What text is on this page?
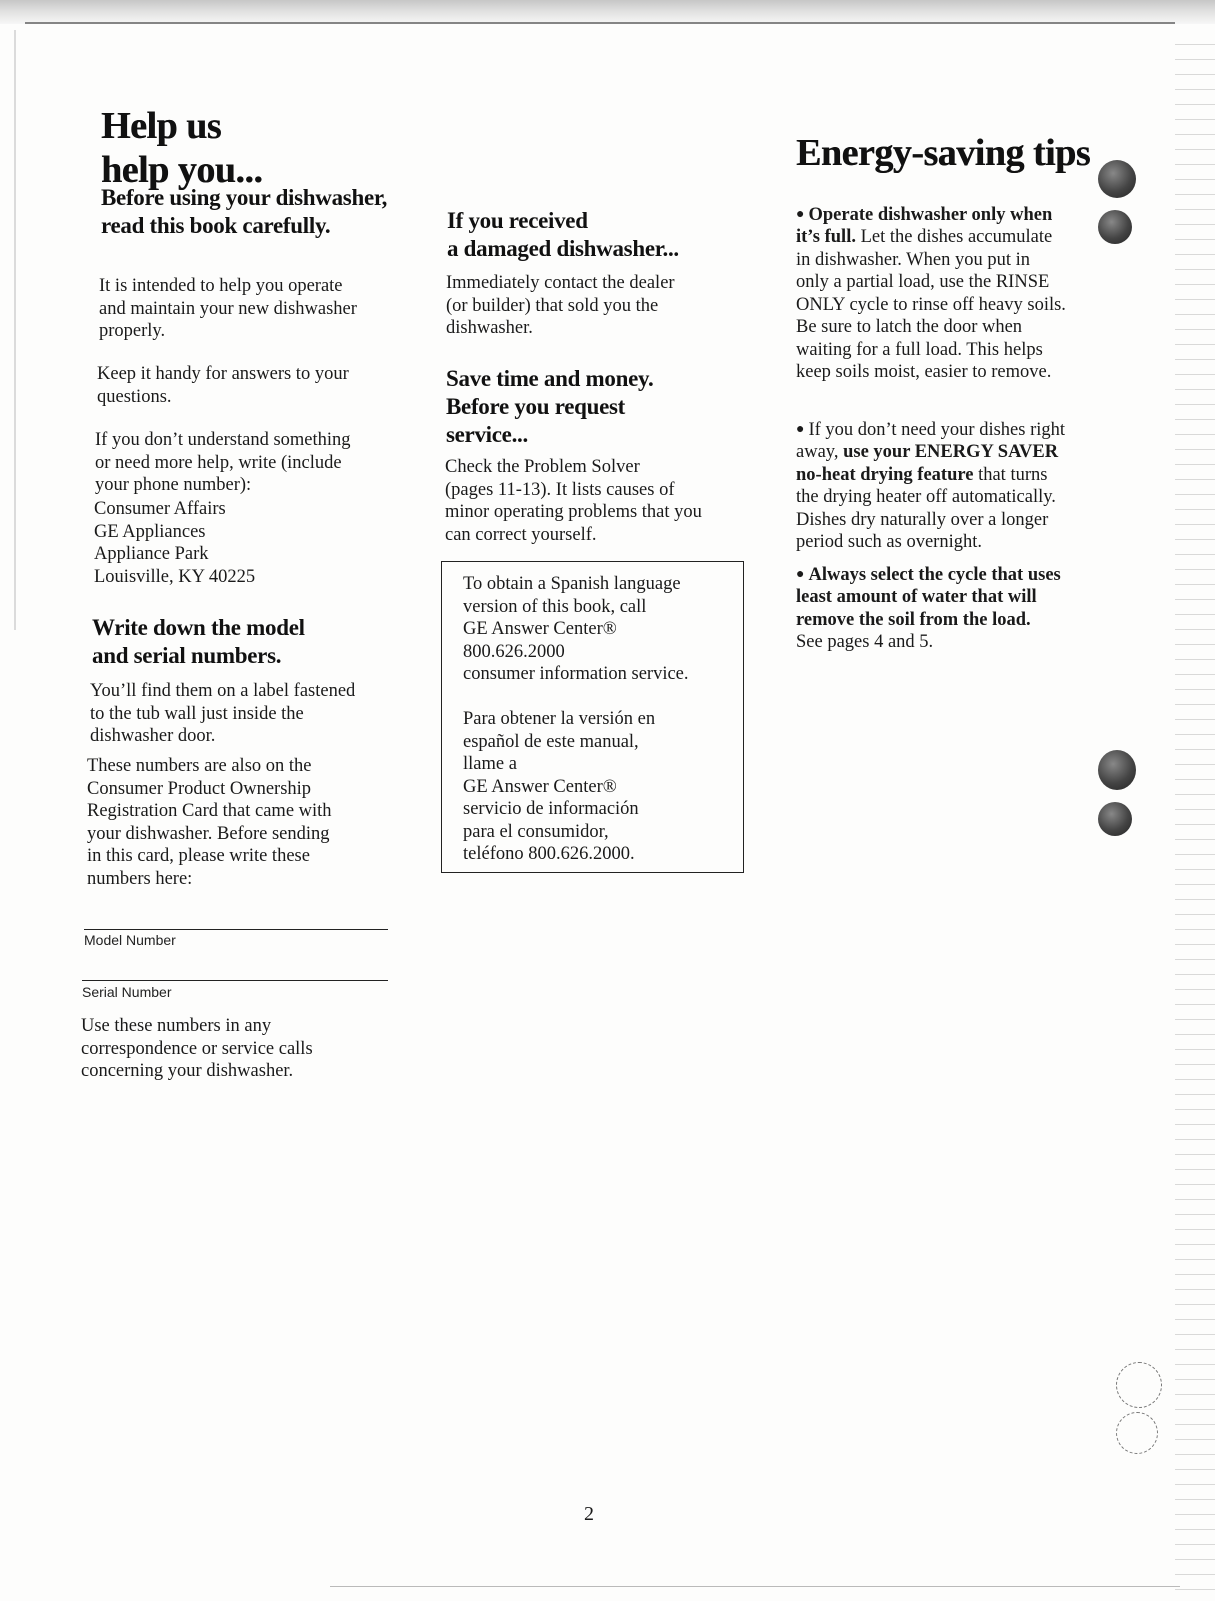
Help us
help you...
Before using your dishwasher,
read this book carefully.
It is intended to help you operate
and maintain your new dishwasher
properly.
Keep it handy for answers to your
questions.
If you don’t understand something
or need more help, write (include
your phone number):
Consumer Affairs
GE Appliances
Appliance Park
Louisville, KY 40225
Write down the model
and serial numbers.
You’ll find them on a label fastened
to the tub wall just inside the
dishwasher door.
These numbers are also on the
Consumer Product Ownership
Registration Card that came with
your dishwasher. Before sending
in this card, please write these
numbers here:
Model Number
Serial Number
Use these numbers in any
correspondence or service calls
concerning your dishwasher.
If you received
a damaged dishwasher...
Immediately contact the dealer
(or builder) that sold you the
dishwasher.
Save time and money.
Before you request
service...
Check the Problem Solver
(pages 11-13). It lists causes of
minor operating problems that you
can correct yourself.
To obtain a Spanish language
version of this book, call
GE Answer Center®
800.626.2000
consumer information service.
Para obtener la versión en
español de este manual,
llame a
GE Answer Center®
servicio de información
para el consumidor,
teléfono 800.626.2000.
Energy-saving tips

● Operate dishwasher only when
it’s full. Let the dishes accumulate
in dishwasher. When you put in
only a partial load, use the RINSE
ONLY cycle to rinse off heavy soils.
Be sure to latch the door when
waiting for a full load. This helps
keep soils moist, easier to remove.

● If you don’t need your dishes right
away, use your ENERGY SAVER
no-heat drying feature that turns
the drying heater off automatically.
Dishes dry naturally over a longer
period such as overnight.

● Always select the cycle that uses
least amount of water that will
remove the soil from the load.
See pages 4 and 5.

2
